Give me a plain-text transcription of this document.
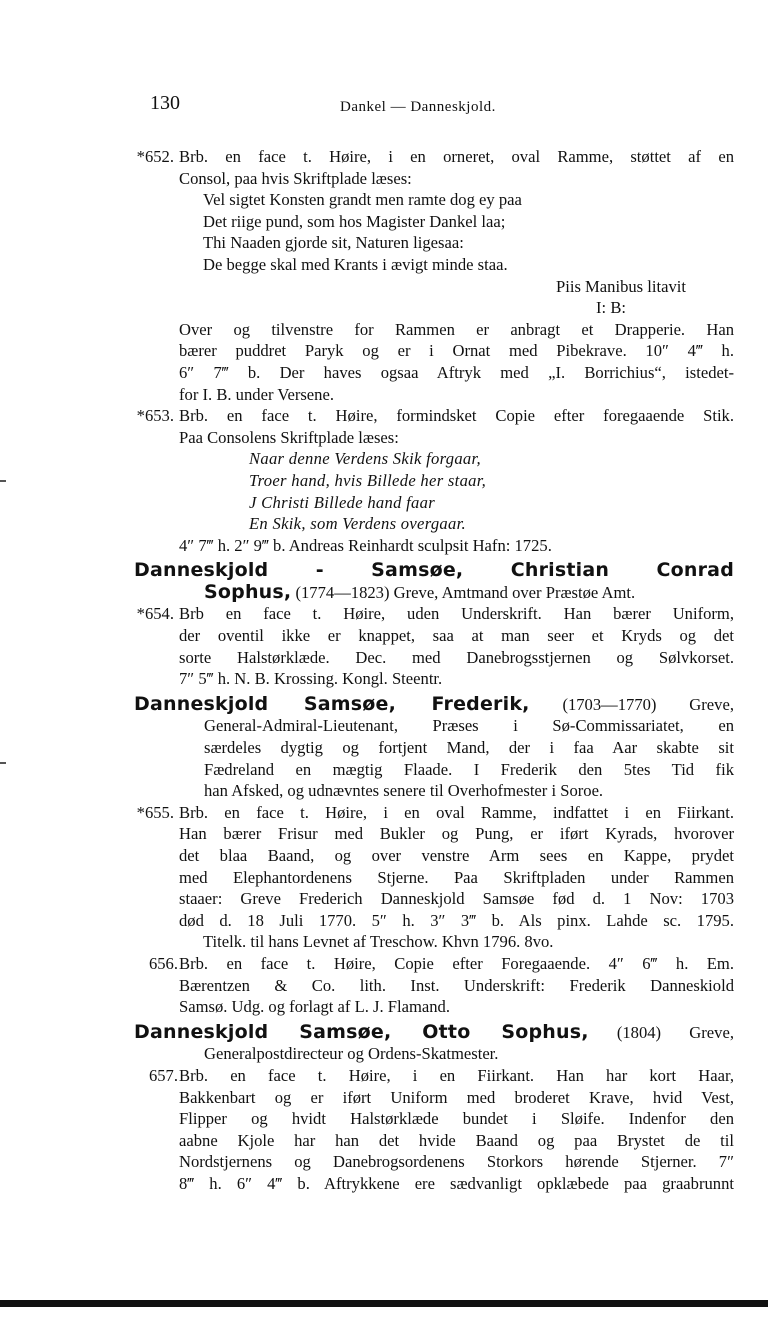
130	Dankel — Danneskjold.
*652. Brb. en face t. Høire, i en orneret, oval Ramme, støttet af en
Consol, paa hvis Skriftplade læses:
Vel sigtet Konsten grandt men ramte dog ey paa
Det riige pund, som hos Magister Dankel laa;
Thi Naaden gjorde sit, Naturen ligesaa:
De begge skal med Krants i ævigt minde staa.
Piis Manibus litavit
I: B:
Over og tilvenstre for Rammen er anbragt et Drapperie. Han
bærer puddret Paryk og er i Ornat med Pibekrave. 10″ 4‴ h.
6″ 7‴ b. Der haves ogsaa Aftryk med „I. Borrichius“, istedet-
for I. B. under Versene.
*653. Brb. en face t. Høire, formindsket Copie efter foregaaende Stik.
Paa Consolens Skriftplade læses:
Naar denne Verdens Skik forgaar,
Troer hand, hvis Billede her staar,
J Christi Billede hand faar
En Skik, som Verdens overgaar.
4″ 7‴ h. 2″ 9‴ b. Andreas Reinhardt sculpsit Hafn: 1725.
Danneskjold - Samsøe, Christian Conrad
Sophus, (1774—1823) Greve, Amtmand over Præstøe Amt.
*654. Brb en face t. Høire, uden Underskrift. Han bærer Uniform,
der oventil ikke er knappet, saa at man seer et Kryds og det
sorte Halstørklæde. Dec. med Danebrogsstjernen og Sølvkorset.
7″ 5‴ h. N. B. Krossing. Kongl. Steentr.
Danneskjold Samsøe, Frederik, (1703—1770) Greve,
General-Admiral-Lieutenant, Præses i Sø-Commissariatet, en
særdeles dygtig og fortjent Mand, der i faa Aar skabte sit
Fædreland en mægtig Flaade. I Frederik den 5tes Tid fik
han Afsked, og udnævntes senere til Overhofmester i Soroe.
*655. Brb. en face t. Høire, i en oval Ramme, indfattet i en Fiirkant.
Han bærer Frisur med Bukler og Pung, er iført Kyrads, hvorover
det blaa Baand, og over venstre Arm sees en Kappe, prydet
med Elephantordenens Stjerne. Paa Skriftpladen under Rammen
staaer: Greve Frederich Danneskjold Samsøe fød d. 1 Nov: 1703
død d. 18 Juli 1770. 5″ h. 3″ 3‴ b. Als pinx. Lahde sc. 1795.
Titelk. til hans Levnet af Treschow. Khvn 1796. 8vo.
656. Brb. en face t. Høire, Copie efter Foregaaende. 4″ 6‴ h. Em.
Bærentzen & Co. lith. Inst. Underskrift: Frederik Danneskiold
Samsø. Udg. og forlagt af L. J. Flamand.
Danneskjold Samsøe, Otto Sophus, (1804) Greve,
Generalpostdirecteur og Ordens-Skatmester.
657. Brb. en face t. Høire, i en Fiirkant. Han har kort Haar,
Bakkenbart og er iført Uniform med broderet Krave, hvid Vest,
Flipper og hvidt Halstørklæde bundet i Sløife. Indenfor den
aabne Kjole har han det hvide Baand og paa Brystet de til
Nordstjernens og Danebrogsordenens Storkors hørende Stjerner. 7″
8‴ h. 6″ 4‴ b. Aftrykkene ere sædvanligt opklæbede paa graabrunnt
